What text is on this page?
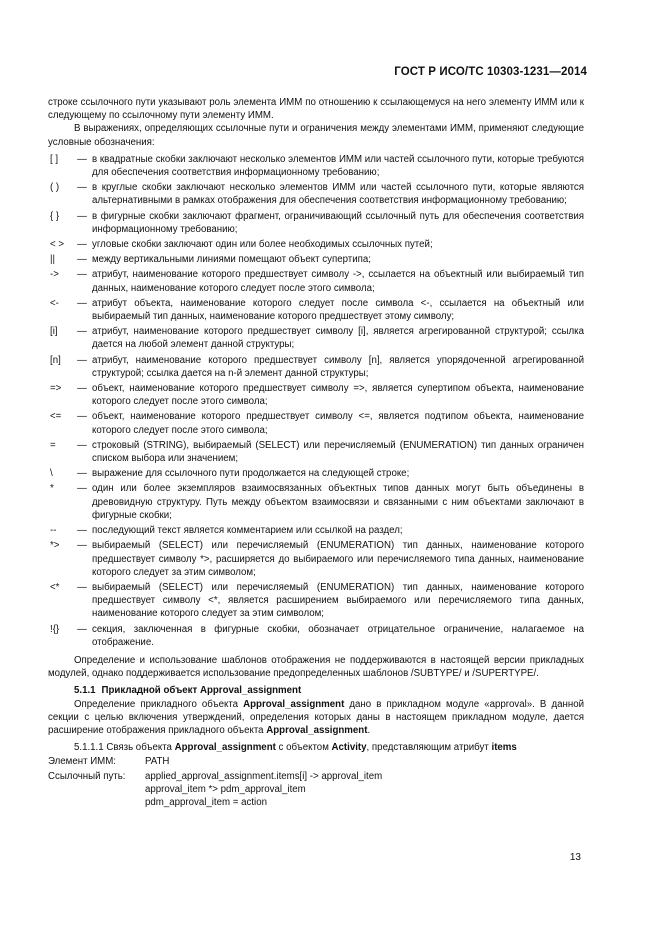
ГОСТ Р ИСО/ТС 10303-1231—2014

строке ссылочного пути указывают роль элемента ИММ по отношению к ссылающемуся на него элементу ИММ или к следующему по ссылочному пути элементу ИММ.

В выражениях, определяющих ссылочные пути и ограничения между элементами ИММ, применяют следующие условные обозначения:

[ ]	— в квадратные скобки заключают несколько элементов ИММ или частей ссылочного пути, которые требуются для обеспечения соответствия информационному требованию;
( )	— в круглые скобки заключают несколько элементов ИММ или частей ссылочного пути, которые являются альтернативными в рамках отображения для обеспечения соответствия информационному требованию;
{ }	— в фигурные скобки заключают фрагмент, ограничивающий ссылочный путь для обеспечения соответствия информационному требованию;
< >	— угловые скобки заключают один или более необходимых ссылочных путей;
||	— между вертикальными линиями помещают объект супертипа;
->	— атрибут, наименование которого предшествует символу ->, ссылается на объектный или выбираемый тип данных, наименование которого следует после этого символа;
<-	— атрибут объекта, наименование которого следует после символа <-, ссылается на объектный или выбираемый тип данных, наименование которого предшествует этому символу;
[i]	— атрибут, наименование которого предшествует символу [i], является агрегированной структурой; ссылка дается на любой элемент данной структуры;
[n]	— атрибут, наименование которого предшествует символу [n], является упорядоченной агрегированной структурой; ссылка дается на n-й элемент данной структуры;
=>	— объект, наименование которого предшествует символу =>, является супертипом объекта, наименование которого следует после этого символа;
<=	— объект, наименование которого предшествует символу <=, является подтипом объекта, наименование которого следует после этого символа;
=	— строковый (STRING), выбираемый (SELECT) или перечисляемый (ENUMERATION) тип данных ограничен списком выбора или значением;
\	— выражение для ссылочного пути продолжается на следующей строке;
*	— один или более экземпляров взаимосвязанных объектных типов данных могут быть объединены в древовидную структуру. Путь между объектом взаимосвязи и связанными с ним объектами заключают в фигурные скобки;
--	— последующий текст является комментарием или ссылкой на раздел;
*>	— выбираемый (SELECT) или перечисляемый (ENUMERATION) тип данных, наименование которого предшествует символу *>, расширяется до выбираемого или перечисляемого типа данных, наименование которого следует за этим символом;
<*	— выбираемый (SELECT) или перечисляемый (ENUMERATION) тип данных, наименование которого предшествует символу <*, является расширением выбираемого или перечисляемого типа данных, наименование которого следует за этим символом;
!{}	— секция, заключенная в фигурные скобки, обозначает отрицательное ограничение, налагаемое на отображение.

Определение и использование шаблонов отображения не поддерживаются в настоящей версии прикладных модулей, однако поддерживается использование предопределенных шаблонов /SUBTYPE/ и /SUPERTYPE/.

5.1.1 Прикладной объект Approval_assignment

Определение прикладного объекта Approval_assignment дано в прикладном модуле «approval». В данной секции с целью включения утверждений, определения которых даны в настоящем прикладном модуле, дается расширение отображения прикладного объекта Approval_assignment.

5.1.1.1 Связь объекта Approval_assignment с объектом Activity, представляющим атрибут items

Элемент ИММ:	PATH
Ссылочный путь:	applied_approval_assignment.items[i] -> approval_item
approval_item *> pdm_approval_item
pdm_approval_item = action
13
